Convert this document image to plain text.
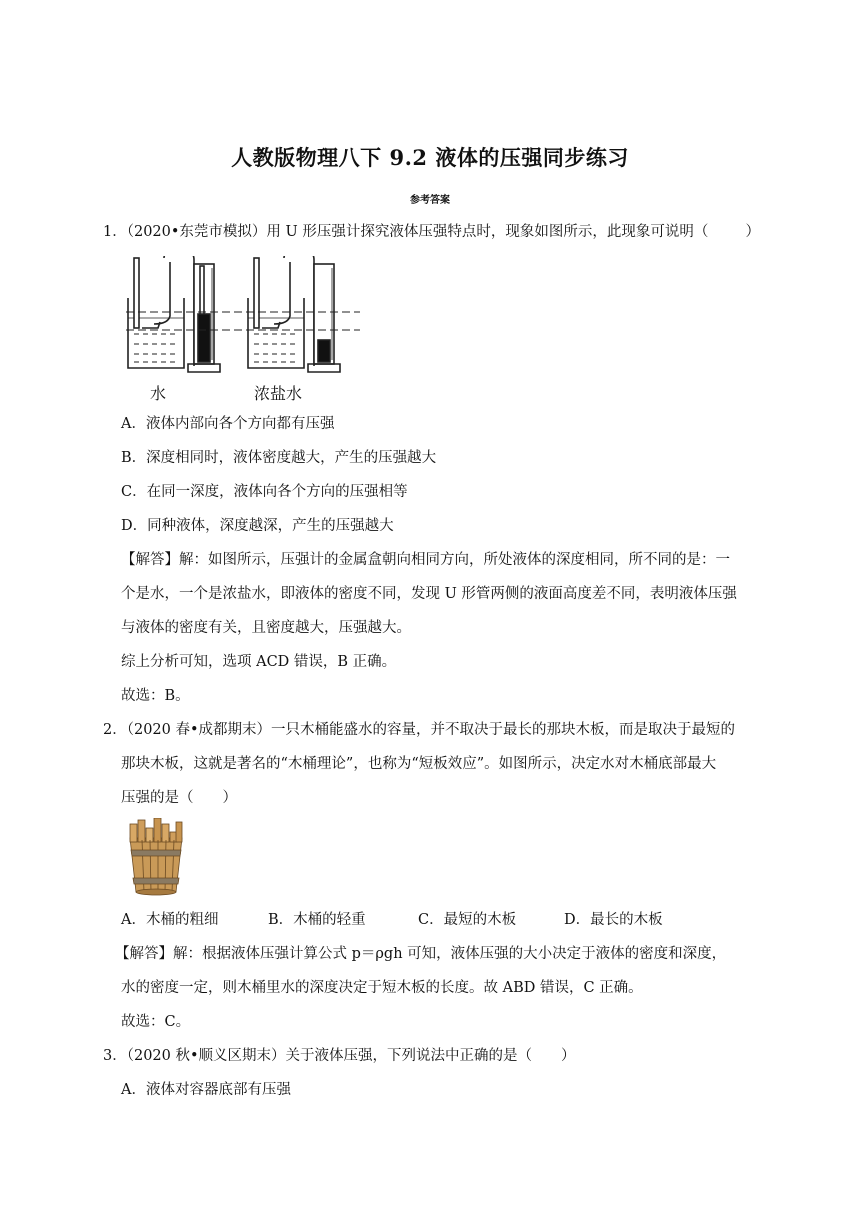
人教版物理八下 9.2 液体的压强同步练习
参考答案
1．（2020•东莞市模拟）用 U 形压强计探究液体压强特点时，现象如图所示，此现象可说明（	）
水	浓盐水
A．液体内部向各个方向都有压强
B．深度相同时，液体密度越大，产生的压强越大
C．在同一深度，液体向各个方向的压强相等
D．同种液体，深度越深，产生的压强越大
【解答】解：如图所示，压强计的金属盒朝向相同方向，所处液体的深度相同，所不同的是：一
个是水，一个是浓盐水，即液体的密度不同，发现 U 形管两侧的液面高度差不同，表明液体压强
与液体的密度有关，且密度越大，压强越大。
综上分析可知，选项 ACD 错误，B 正确。
故选：B。
2．（2020 春•成都期末）一只木桶能盛水的容量，并不取决于最长的那块木板，而是取决于最短的
那块木板，这就是著名的“木桶理论”，也称为“短板效应”。如图所示，决定水对木桶底部最大
压强的是（　　）
A．木桶的粗细	B．木桶的轻重	C．最短的木板	D．最长的木板
【解答】解：根据液体压强计算公式 p＝ρgh 可知，液体压强的大小决定于液体的密度和深度，
水的密度一定，则木桶里水的深度决定于短木板的长度。故 ABD 错误，C 正确。
故选：C。
3．（2020 秋•顺义区期末）关于液体压强，下列说法中正确的是（　　）
A．液体对容器底部有压强
